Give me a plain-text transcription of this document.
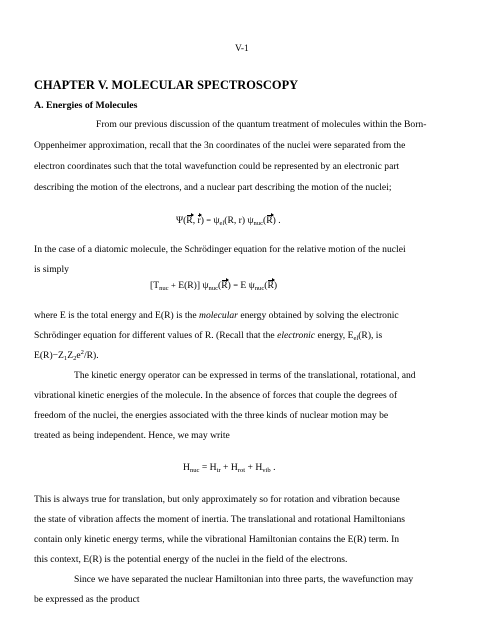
V-1
CHAPTER V. MOLECULAR SPECTROSCOPY
A. Energies of Molecules
From our previous discussion of the quantum treatment of molecules within the Born-
Oppenheimer approximation, recall that the 3n coordinates of the nuclei were separated from the
electron coordinates such that the total wavefunction could be represented by an electronic part
describing the motion of the electrons, and a nuclear part describing the motion of the nuclei;
Ψ(R, $r) = \psi_{el}(R$, r) $\psi_{nuc}(R)$ .
In the case of a diatomic molecule, the Schrödinger equation for the relative motion of the nuclei
is simply
$[T_{nuc} + E(R)] \psi_{nuc}(R) = E$ $\psi_{nuc}(R)$
where E is the total energy and E(R) is the molecular energy obtained by solving the electronic
Schrödinger equation for different values of R. (Recall that the electronic energy, $E_{el}(R)$, is
$E(R)-Z_1Z_2e^2/R$).
The kinetic energy operator can be expressed in terms of the translational, rotational, and
vibrational kinetic energies of the molecule. In the absence of forces that couple the degrees of
freedom of the nuclei, the energies associated with the three kinds of nuclear motion may be
treated as being independent. Hence, we may write
$H_{nuc} = H_{tr} + H_{rot} + H_{vib}$ .
This is always true for translation, but only approximately so for rotation and vibration because
the state of vibration affects the moment of inertia. The translational and rotational Hamiltonians
contain only kinetic energy terms, while the vibrational Hamiltonian contains the E(R) term. In
this context, E(R) is the potential energy of the nuclei in the field of the electrons.
Since we have separated the nuclear Hamiltonian into three parts, the wavefunction may
be expressed as the product
